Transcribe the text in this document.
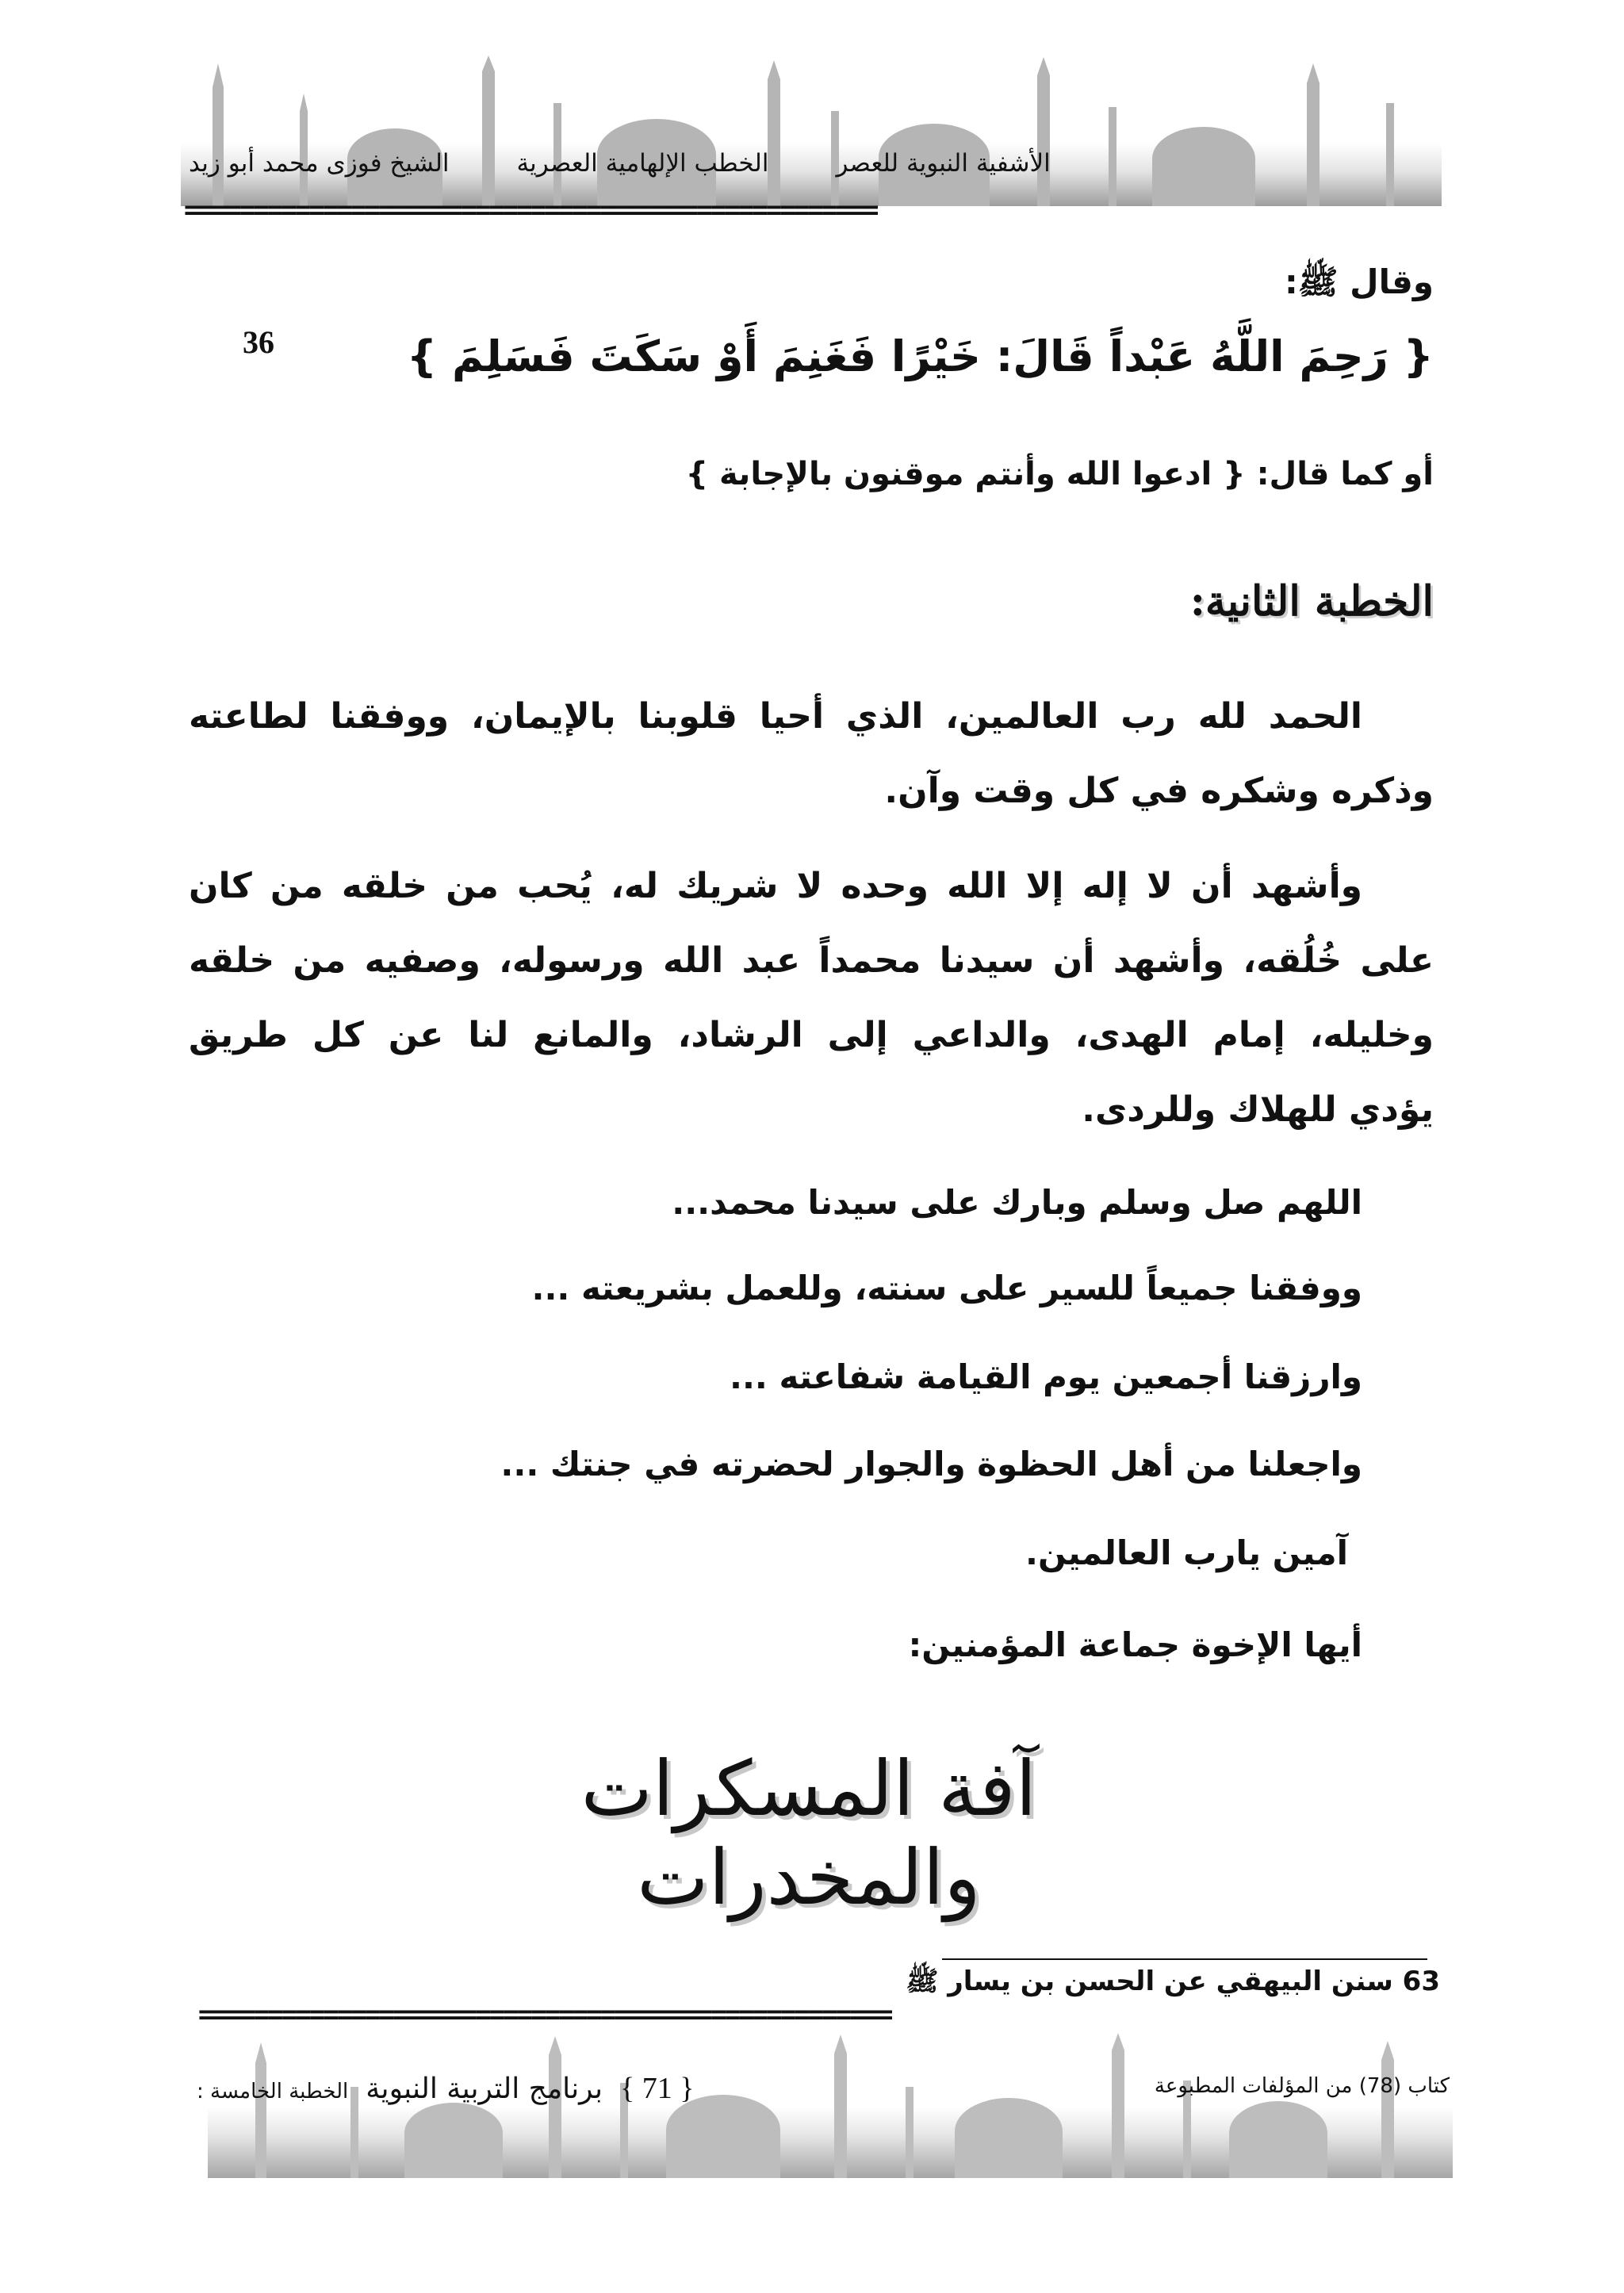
الشيخ فوزى محمد أبو زيد	الخطب الإلهامية العصرية	الأشفية النبوية للعصر
==================================================
وقال ﷺ:
{ رَحِمَ اللَّهُ عَبْداً قَالَ: خَيْرًا فَغَنِمَ أَوْ سَكَتَ فَسَلِمَ }
36
أو كما قال: { ادعوا الله وأنتم موقنون بالإجابة }
الخطبة الثانية:
الحمد لله رب العالمين، الذي أحيا قلوبنا بالإيمان، ووفقنا لطاعته
وذكره وشكره في كل وقت وآن.
وأشهد أن لا إله إلا الله وحده لا شريك له، يُحب من خلقه من كان
على خُلُقه، وأشهد أن سيدنا محمداً عبد الله ورسوله، وصفيه من خلقه
وخليله، إمام الهدى، والداعي إلى الرشاد، والمانع لنا عن كل طريق
يؤدي للهلاك وللردى.
اللهم صل وسلم وبارك على سيدنا محمد...
ووفقنا جميعاً للسير على سنته، وللعمل بشريعته ...
وارزقنا أجمعين يوم القيامة شفاعته ...
واجعلنا من أهل الحظوة والجوار لحضرته في جنتك ...
آمين يارب العالمين.
أيها الإخوة جماعة المؤمنين:
آفة المسكرات والمخدرات
63 سنن البيهقي عن الحسن بن يسار ﷺ
==================================================
كتاب (78) من المؤلفات المطبوعة
الخطبة الخامسة : برنامج التربية النبوية { 71 }
